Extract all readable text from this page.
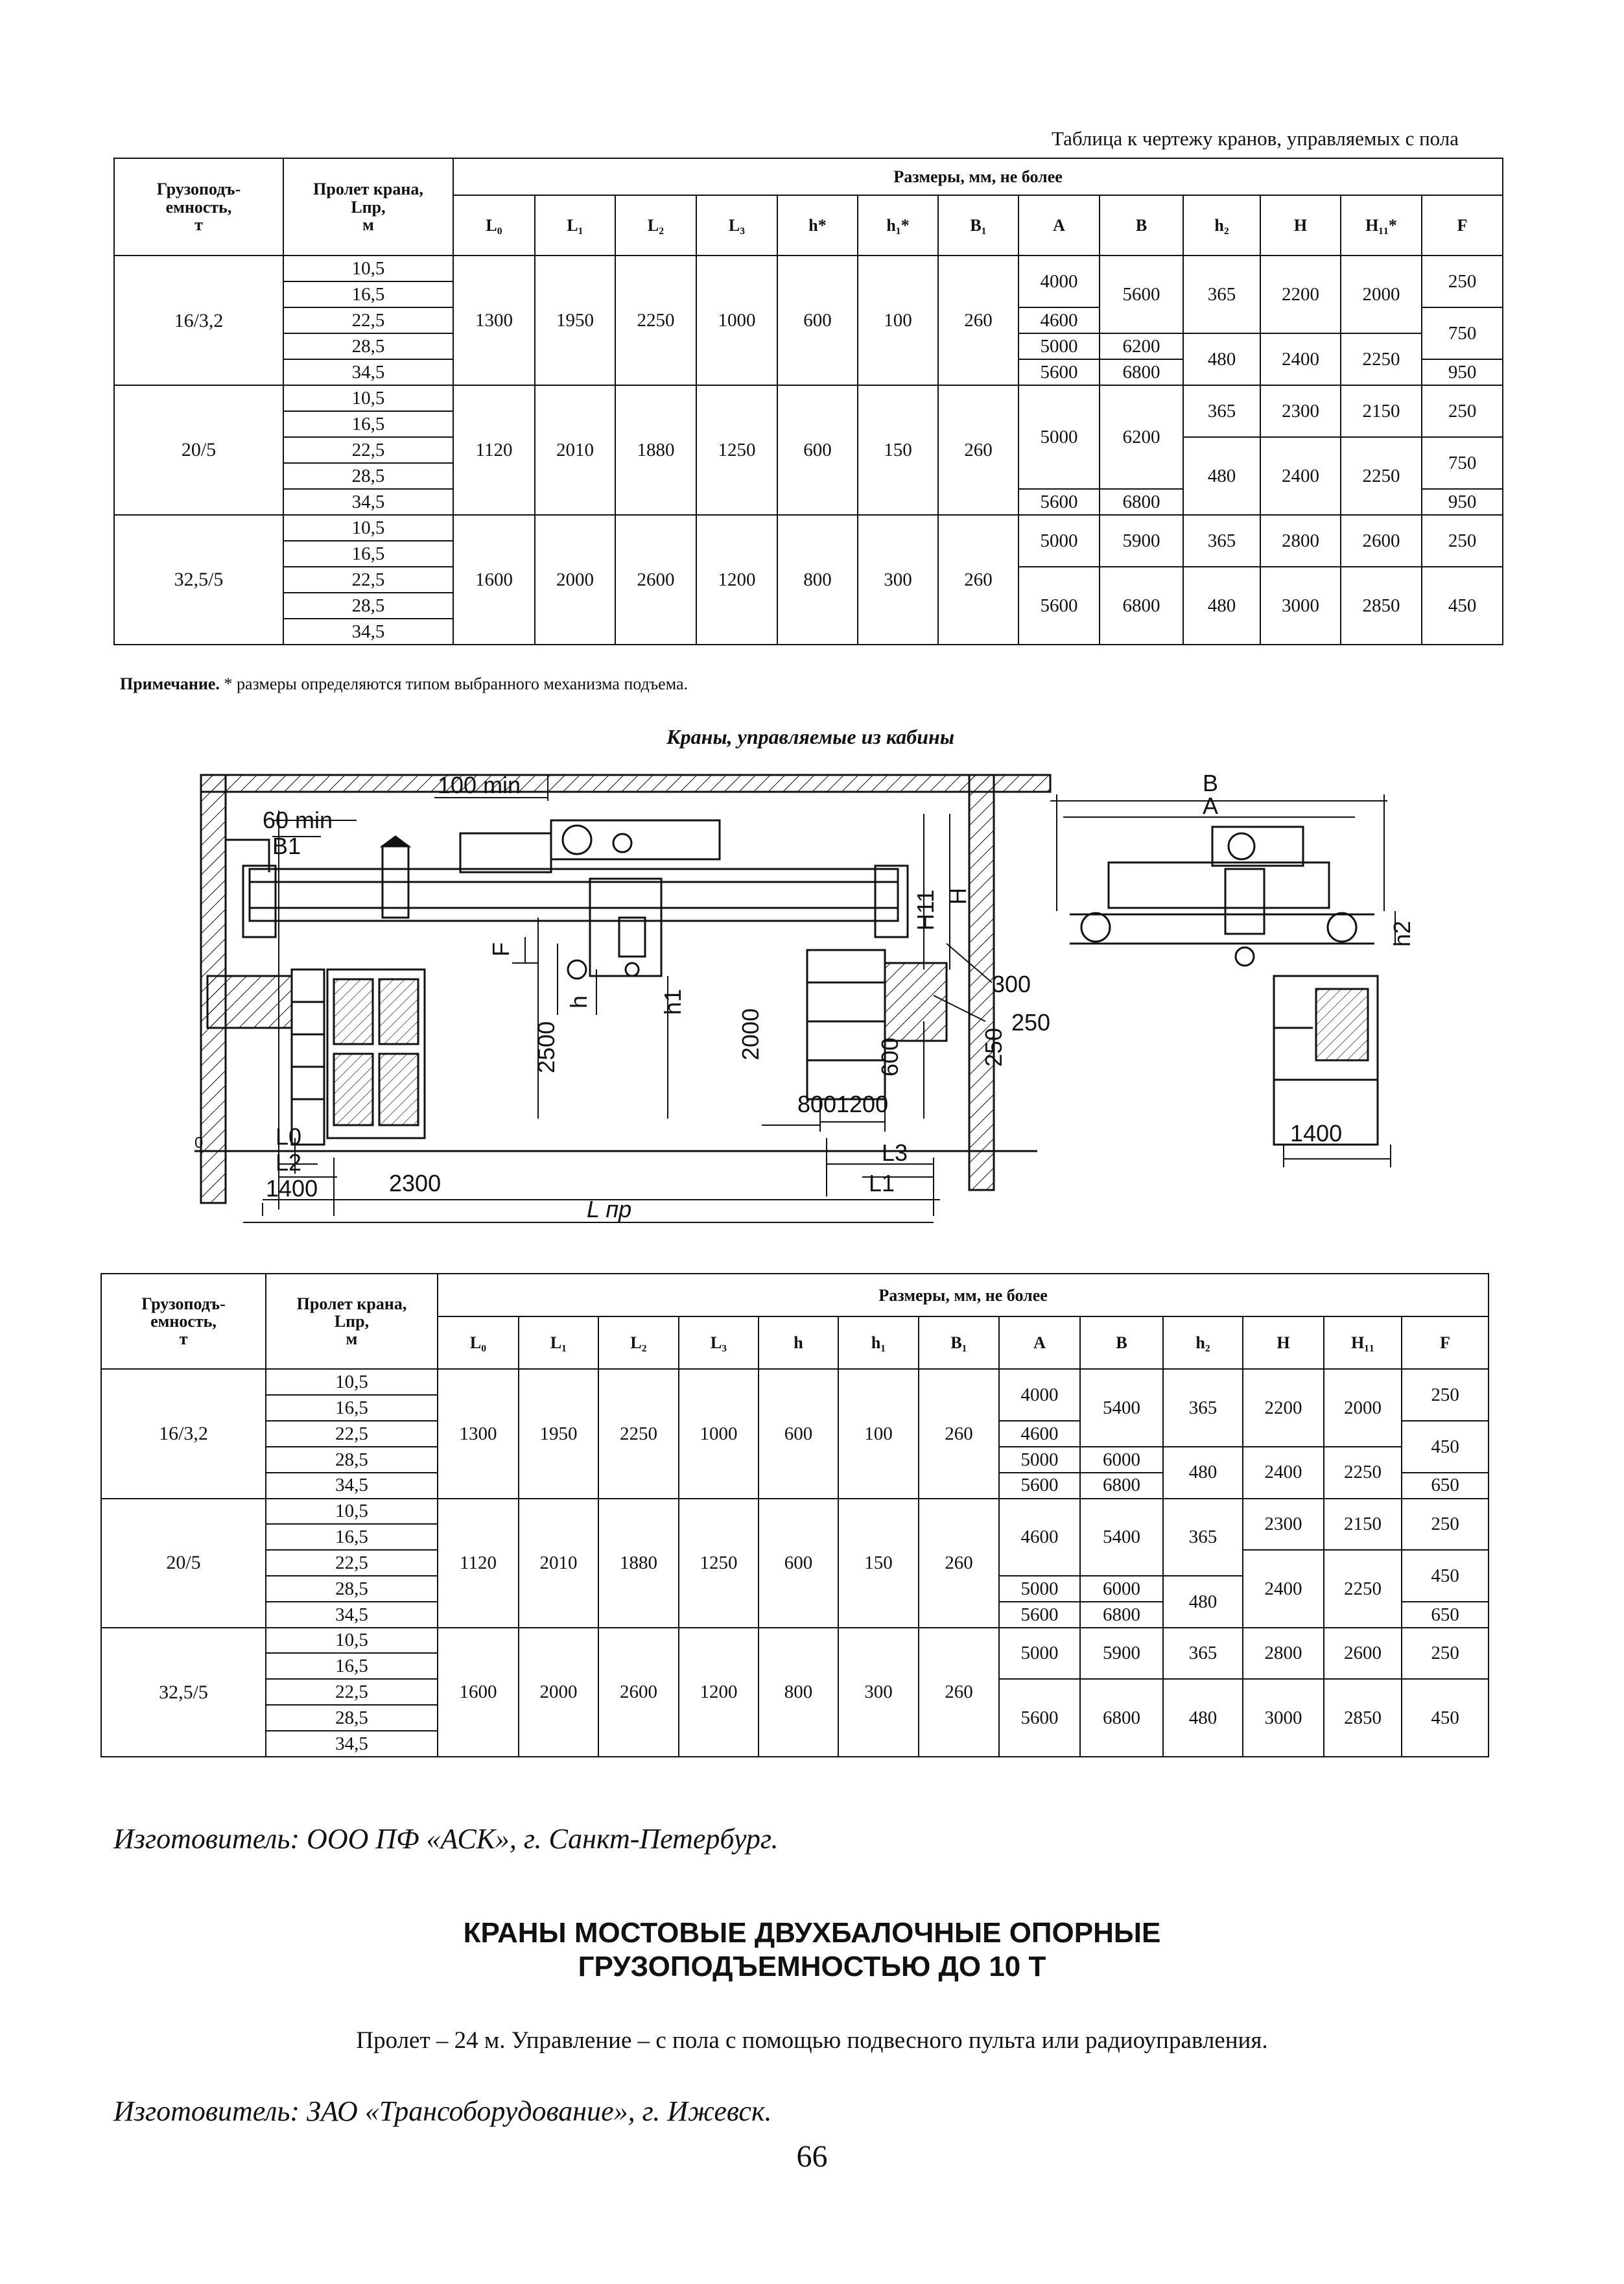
Таблица к чертежу кранов, управляемых с пола
Грузоподъ-
емность,
т	Пролет крана,
Lпр,
м	Размеры, мм, не более												
		L₀	L₁	L₂	L₃	h*	h₁*	B₁	A	B	h₂	H	H₁₁*	F
16/3,2	10,5	1300	1950	2250	1000	600	100	260	4000	5600	365	2200	2000	250
	16,5													
	22,5								4600					750
	28,5								5000	6200	480	2400	2250	
	34,5								5600	6800				950
20/5	10,5	1120	2010	1880	1250	600	150	260	5000	6200	365	2300	2150	250
	16,5													
	22,5										480	2400	2250	750
	28,5													
	34,5								5600	6800				950
32,5/5	10,5	1600	2000	2600	1200	800	300	260	5000	5900	365	2800	2600	250
	16,5													
	22,5								5600	6800	480	3000	2850	450
	28,5													
	34,5													
Примечание. * размеры определяются типом выбранного механизма подъема.
Краны, управляемые из кабины
100 min
60 min
B1
0
F
h	h1
2500	2000
H11 H
B
A
h2
300
250
250
600
800 1200
1400
1400	2300
L0
L2	L3
L1
L пр
Грузоподъ-
емность,
т	Пролет крана,
Lпр,
м	Размеры, мм, не более												
		L₀	L₁	L₂	L₃	h	h₁	B₁	A	B	h₂	H	H₁₁	F
16/3,2	10,5	1300	1950	2250	1000	600	100	260	4000	5400	365	2200	2000	250
	16,5													
	22,5								4600					450
	28,5								5000	6000	480	2400	2250	
	34,5								5600	6800				650
20/5	10,5	1120	2010	1880	1250	600	150	260	4600	5400	365	2300	2150	250
	16,5													
	22,5											2400	2250	450
	28,5								5000	6000	480			
	34,5								5600	6800				650
32,5/5	10,5	1600	2000	2600	1200	800	300	260	5000	5900	365	2800	2600	250
	16,5													
	22,5								5600	6800	480	3000	2850	450
	28,5													
	34,5													
Изготовитель: ООО ПФ «АСК», г. Санкт-Петербург.
КРАНЫ МОСТОВЫЕ ДВУХБАЛОЧНЫЕ ОПОРНЫЕ
ГРУЗОПОДЪЕМНОСТЬЮ ДО 10 Т
Пролет – 24 м. Управление – с пола с помощью подвесного пульта или радиоуправления.
Изготовитель: ЗАО «Трансоборудование», г. Ижевск.
66
